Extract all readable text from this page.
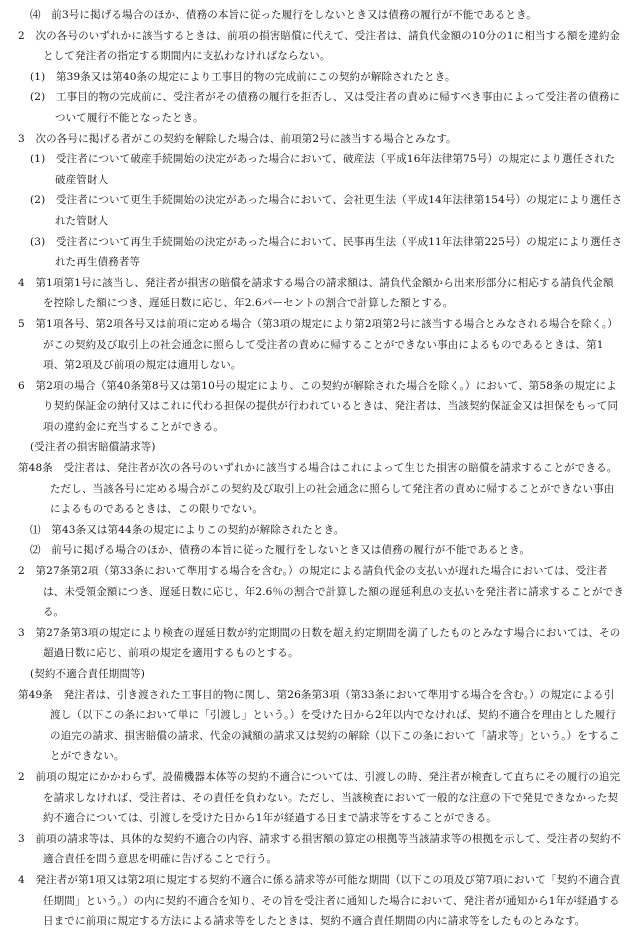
⑷　前3号に掲げる場合のほか、債務の本旨に従った履行をしないとき又は債務の履行が不能であるとき。

2　次の各号のいずれかに該当するときは、前項の損害賠償に代えて、受注者は、請負代金額の10分の1に相当する額を違約金として発注者の指定する期間内に支払わなければならない。

(1)　第39条又は第40条の規定により工事目的物の完成前にこの契約が解除されたとき。

(2)　工事目的物の完成前に、受注者がその債務の履行を拒否し、又は受注者の責めに帰すべき事由によって受注者の債務について履行不能となったとき。

3　次の各号に掲げる者がこの契約を解除した場合は、前項第2号に該当する場合とみなす。

(1)　受注者について破産手続開始の決定があった場合において、破産法（平成16年法律第75号）の規定により選任された破産管財人

(2)　受注者について更生手続開始の決定があった場合において、会社更生法（平成14年法律第154号）の規定により選任された管財人

(3)　受注者について再生手続開始の決定があった場合において、民事再生法（平成11年法律第225号）の規定により選任された再生債務者等

4　第1項第1号に該当し、発注者が損害の賠償を請求する場合の請求額は、請負代金額から出来形部分に相応する請負代金額を控除した額につき、遅延日数に応じ、年2.6パーセントの割合で計算した額とする。

5　第1項各号、第2項各号又は前項に定める場合（第3項の規定により第2項第2号に該当する場合とみなされる場合を除く。）がこの契約及び取引上の社会通念に照らして受注者の責めに帰することができない事由によるものであるときは、第1項、第2項及び前項の規定は適用しない。

6　第2項の場合（第40条第8号又は第10号の規定により、この契約が解除された場合を除く。）において、第58条の規定により契約保証金の納付又はこれに代わる担保の提供が行われているときは、発注者は、当該契約保証金又は担保をもって同項の違約金に充当することができる。

(受注者の損害賠償請求等)

第48条　受注者は、発注者が次の各号のいずれかに該当する場合はこれによって生じた損害の賠償を請求することができる。ただし、当該各号に定める場合がこの契約及び取引上の社会通念に照らして発注者の責めに帰することができない事由によるものであるときは、この限りでない。

⑴　第43条又は第44条の規定によりこの契約が解除されたとき。

⑵　前号に掲げる場合のほか、債務の本旨に従った履行をしないとき又は債務の履行が不能であるとき。

2　第27条第2項（第33条において準用する場合を含む。）の規定による請負代金の支払いが遅れた場合においては、受注者は、未受領金額につき、遅延日数に応じ、年2.6％の割合で計算した額の遅延利息の支払いを発注者に請求することができる。

3　第27条第3項の規定により検査の遅延日数が約定期間の日数を超え約定期間を満了したものとみなす場合においては、その超過日数に応じ、前項の規定を適用するものとする。

(契約不適合責任期間等)

第49条　発注者は、引き渡された工事目的物に関し、第26条第3項（第33条において準用する場合を含む。）の規定による引渡し（以下この条において単に「引渡し」という。）を受けた日から2年以内でなければ、契約不適合を理由とした履行の追完の請求、損害賠償の請求、代金の減額の請求又は契約の解除（以下この条において「請求等」という。）をすることができない。

2　前項の規定にかかわらず、設備機器本体等の契約不適合については、引渡しの時、発注者が検査して直ちにその履行の追完を請求しなければ、受注者は、その責任を負わない。ただし、当該検査において一般的な注意の下で発見できなかった契約不適合については、引渡しを受けた日から1年が経過する日まで請求等をすることができる。

3　前項の請求等は、具体的な契約不適合の内容、請求する損害額の算定の根拠等当該請求等の根拠を示して、受注者の契約不適合責任を問う意思を明確に告げることで行う。

4　発注者が第1項又は第2項に規定する契約不適合に係る請求等が可能な期間（以下この項及び第7項において「契約不適合責任期間」という。）の内に契約不適合を知り、その旨を受注者に通知した場合において、発注者が通知から1年が経過する日までに前項に規定する方法による請求等をしたときは、契約不適合責任期間の内に請求等をしたものとみなす。
